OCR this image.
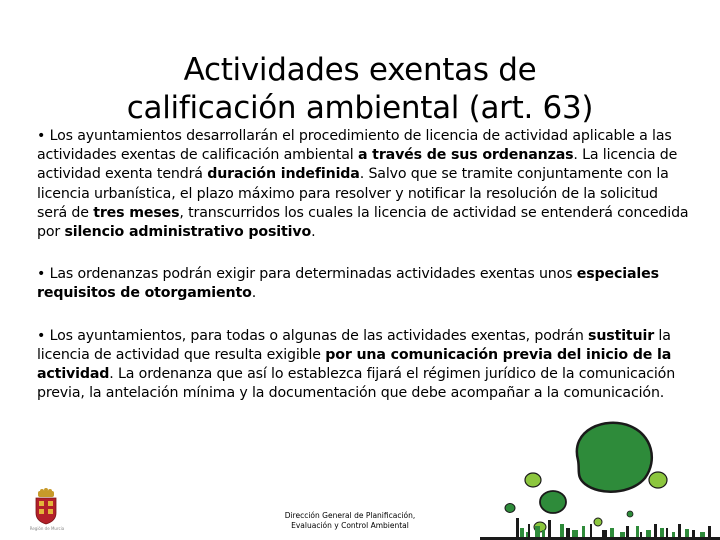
Actividades exentas de
calificación ambiental (art. 63)

• Los ayuntamientos desarrollarán el procedimiento de licencia de actividad aplicable a las actividades exentas de calificación ambiental a través de sus ordenanzas. La licencia de actividad exenta tendrá duración indefinida. Salvo que se tramite conjuntamente con la licencia urbanística, el plazo máximo para resolver y notificar la resolución de la solicitud será de tres meses, transcurridos los cuales la licencia de actividad se entenderá concedida por silencio administrativo positivo.

• Las ordenanzas podrán exigir para determinadas actividades exentas unos especiales requisitos de otorgamiento.

• Los ayuntamientos, para todas o algunas de las actividades exentas, podrán sustituir la licencia de actividad que resulta exigible por una comunicación previa del inicio de la actividad. La ordenanza que así lo establezca fijará el régimen jurídico de la comunicación previa, la antelación mínima y la documentación que debe acompañar a la comunicación.

Región de Murcia
Dirección General de Planificación,
Evaluación y Control Ambiental
